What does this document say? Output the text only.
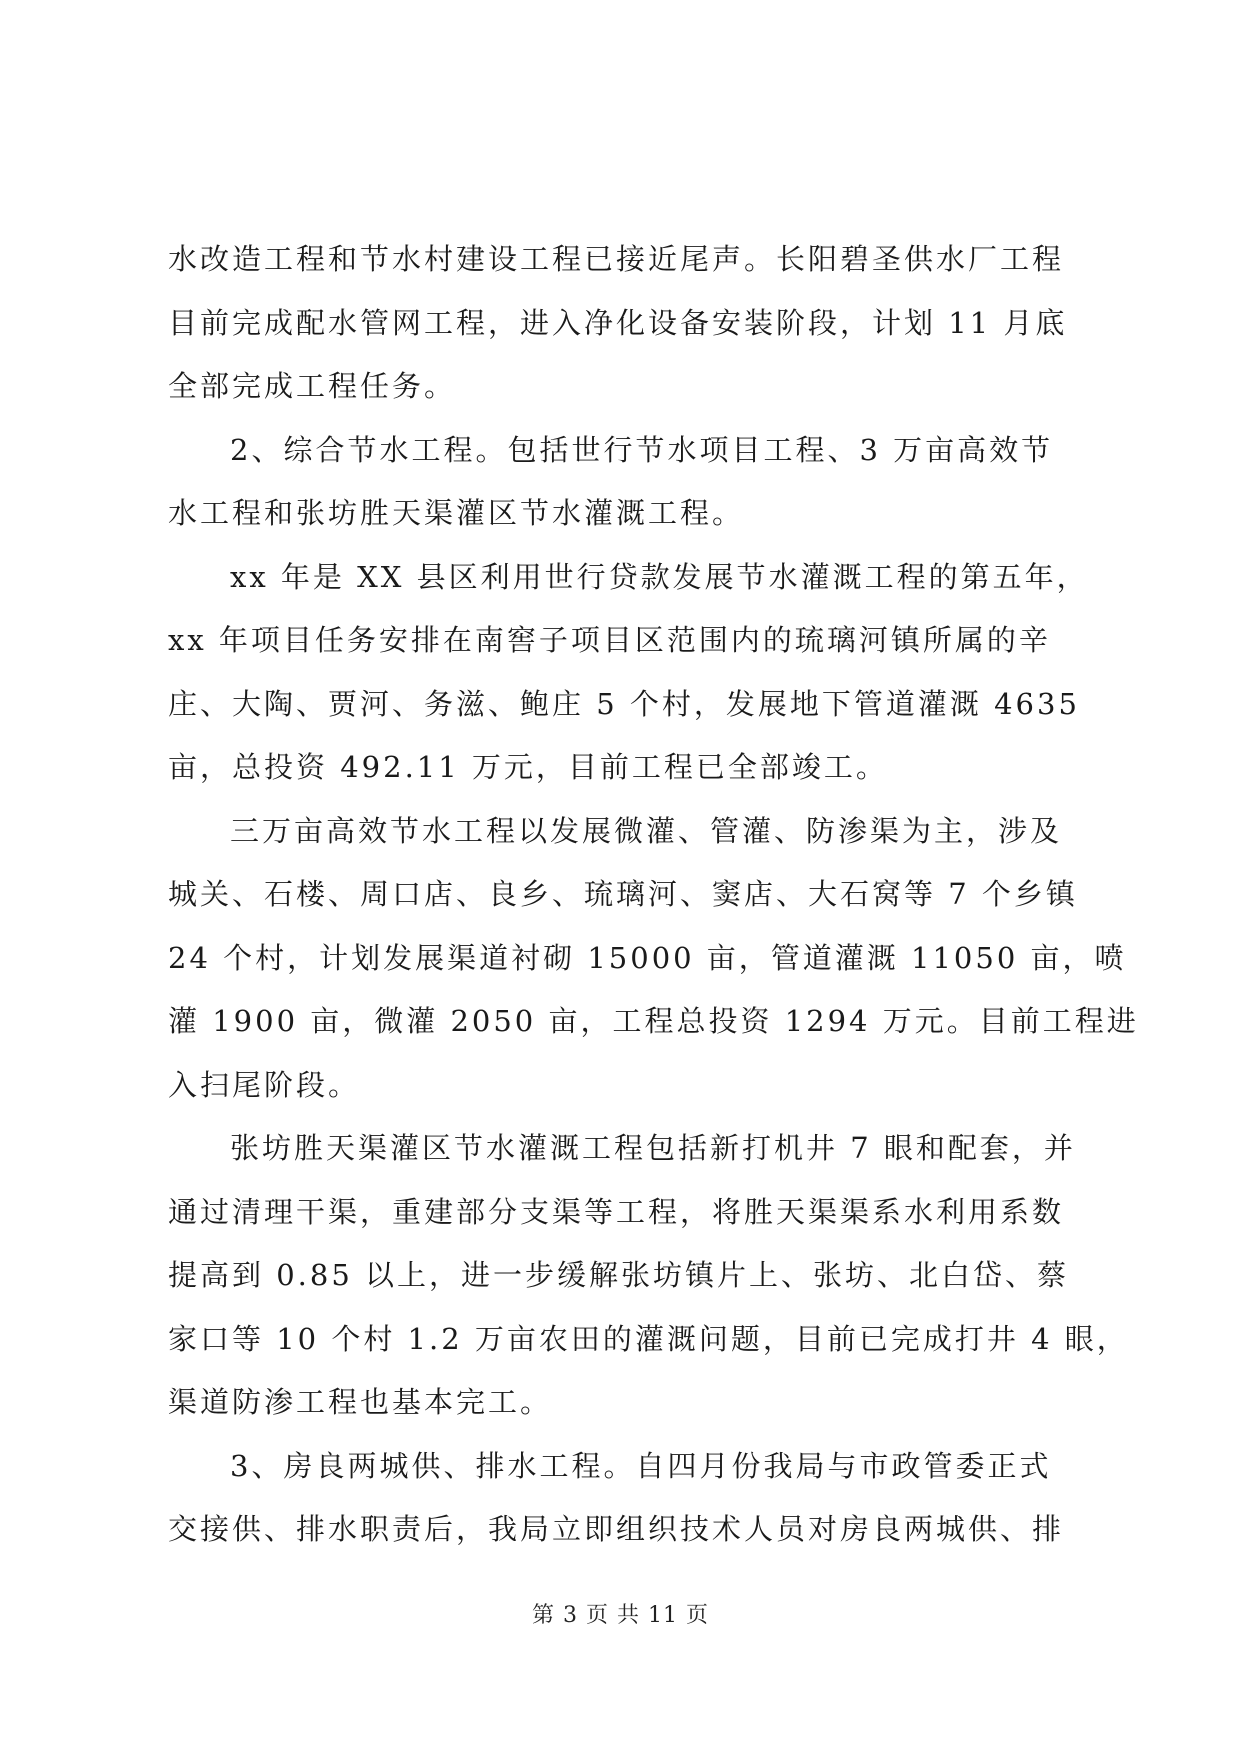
水改造工程和节水村建设工程已接近尾声。长阳碧圣供水厂工程
目前完成配水管网工程，进入净化设备安装阶段，计划 11 月底
全部完成工程任务。
2、综合节水工程。包括世行节水项目工程、3 万亩高效节
水工程和张坊胜天渠灌区节水灌溉工程。
xx 年是 XX 县区利用世行贷款发展节水灌溉工程的第五年，
xx 年项目任务安排在南窖子项目区范围内的琉璃河镇所属的辛
庄、大陶、贾河、务滋、鲍庄 5 个村，发展地下管道灌溉 4635
亩，总投资 492.11 万元，目前工程已全部竣工。
三万亩高效节水工程以发展微灌、管灌、防渗渠为主，涉及
城关、石楼、周口店、良乡、琉璃河、窦店、大石窝等 7 个乡镇
24 个村，计划发展渠道衬砌 15000 亩，管道灌溉 11050 亩，喷
灌 1900 亩，微灌 2050 亩，工程总投资 1294 万元。目前工程进
入扫尾阶段。
张坊胜天渠灌区节水灌溉工程包括新打机井 7 眼和配套，并
通过清理干渠，重建部分支渠等工程，将胜天渠渠系水利用系数
提高到 0.85 以上，进一步缓解张坊镇片上、张坊、北白岱、蔡
家口等 10 个村 1.2 万亩农田的灌溉问题，目前已完成打井 4 眼，
渠道防渗工程也基本完工。
3、房良两城供、排水工程。自四月份我局与市政管委正式
交接供、排水职责后，我局立即组织技术人员对房良两城供、排
第 3 页 共 11 页
